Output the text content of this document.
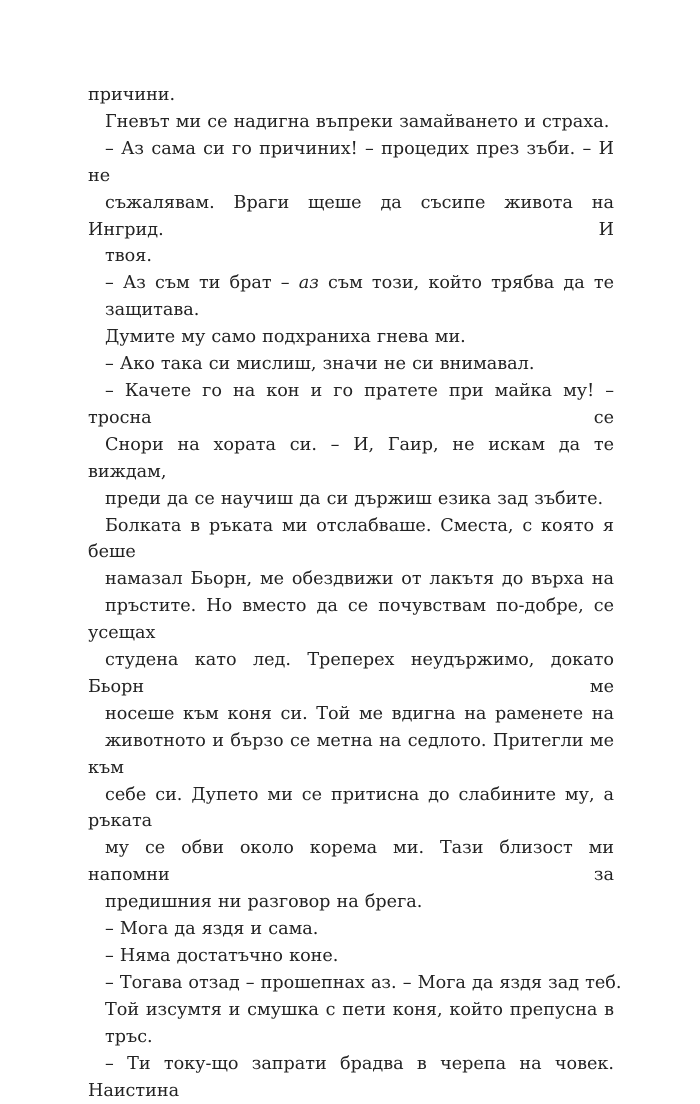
причини.

Гневът ми се надигна въпреки замайването и страха.

– Аз сама си го причиних! – процедих през зъби. – И не
съжалявам. Враги щеше да съсипе живота на Ингрид. И
твоя.

– Аз съм ти брат – аз съм този, който трябва да те
защитава.

Думите му само подхраниха гнева ми.

– Ако така си мислиш, значи не си внимавал.

– Качете го на кон и го пратете при майка му! – тросна се
Снори на хората си. – И, Гаир, не искам да те виждам,
преди да се научиш да си държиш езика зад зъбите.

Болката в ръката ми отслабваше. Сместа, с която я беше
намазал Бьорн, ме обездвижи от лакътя до върха на
пръстите. Но вместо да се почувствам по-добре, се усещах
студена като лед. Треперех неудържимо, докато Бьорн ме
носеше към коня си. Той ме вдигна на раменете на
животното и бързо се метна на седлото. Притегли ме към
себе си. Дупето ми се притисна до слабините му, а ръката
му се обви около корема ми. Тази близост ми напомни за
предишния ни разговор на брега.

– Мога да яздя и сама.

– Няма достатъчно коне.

– Тогава отзад – прошепнах аз. – Мога да яздя зад теб.

Той изсумтя и смушка с пети коня, който препусна в
тръс.

– Ти току-що запрати брадва в черепа на човек. Наистина
